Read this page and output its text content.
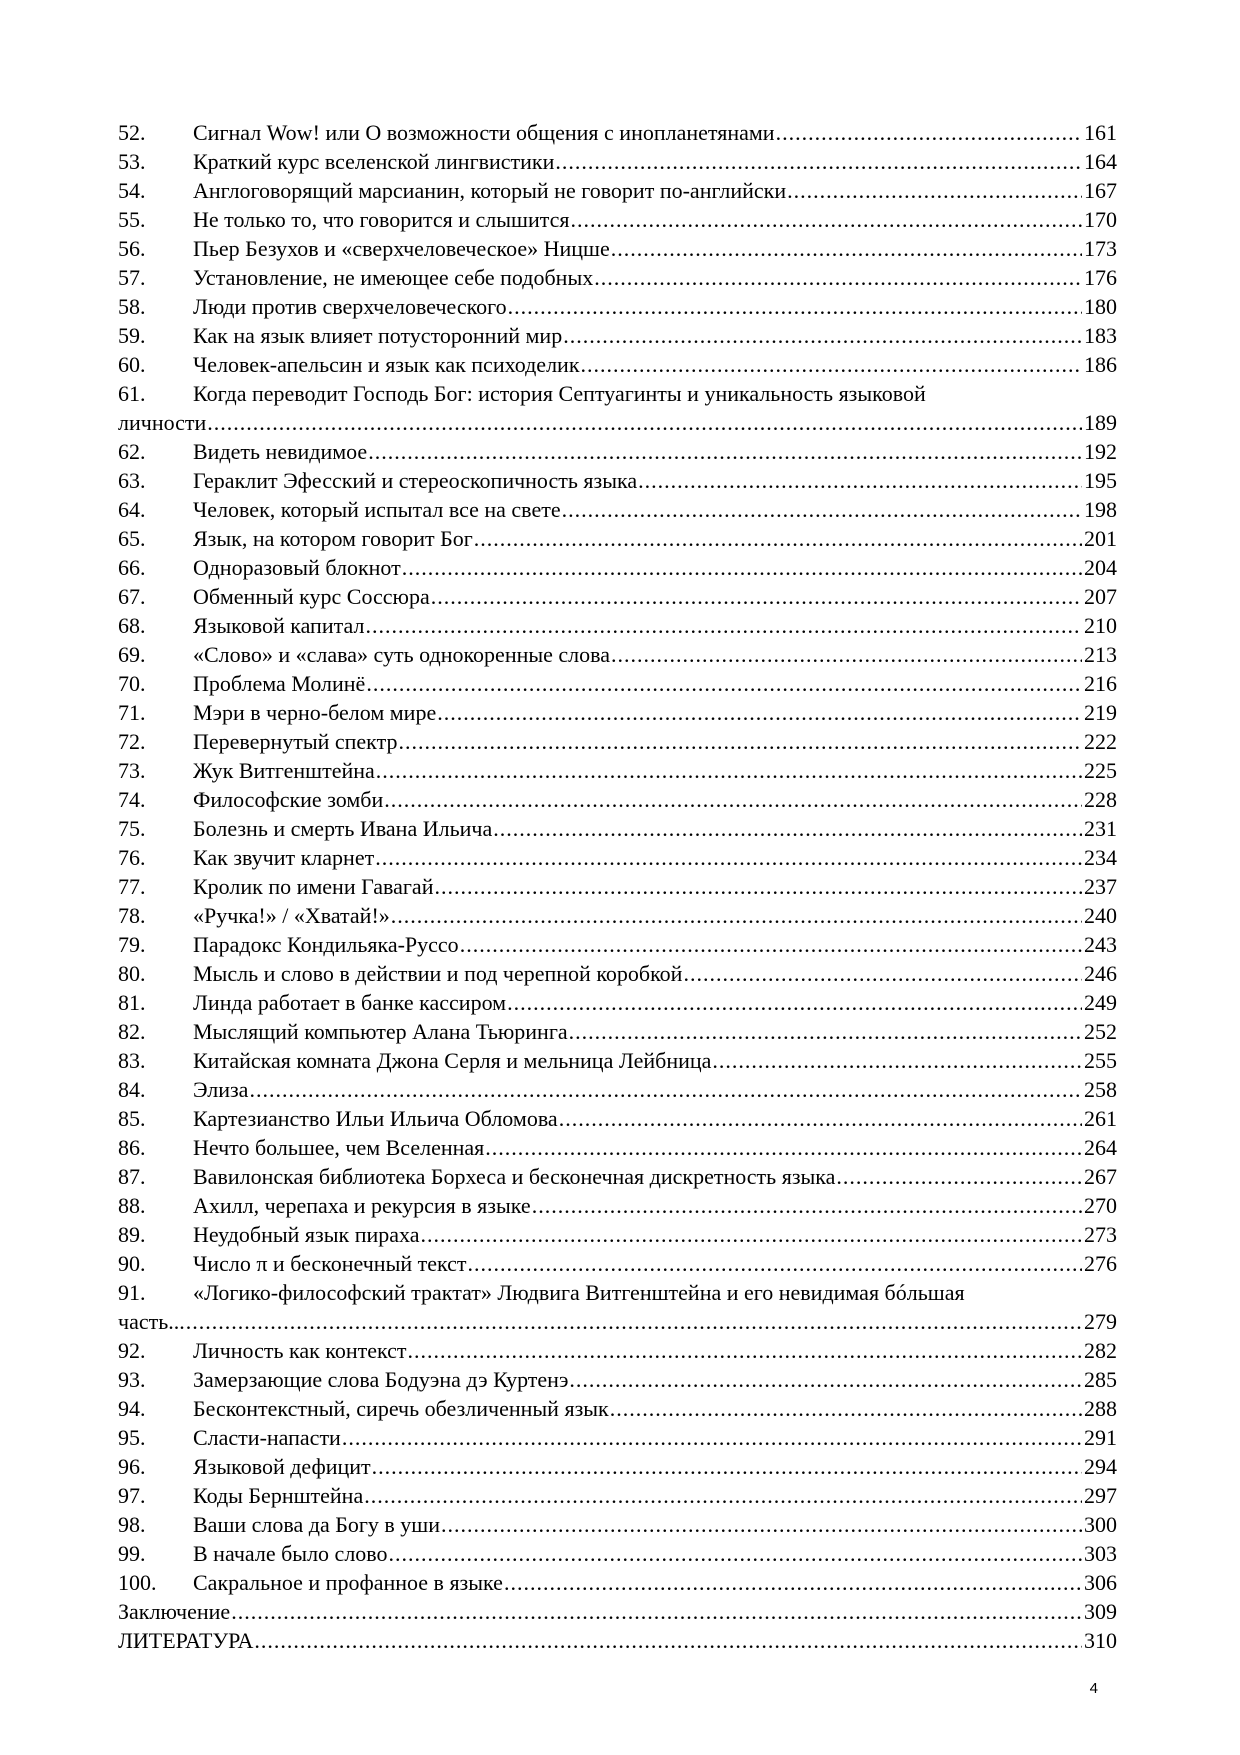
52.	Сигнал Wow! или О возможности общения с инопланетянами .....	161
53.	Краткий курс вселенской лингвистики .....	164
54.	Англоговорящий марсианин, который не говорит по-английски .....	167
55.	Не только то, что говорится и слышится .....	170
56.	Пьер Безухов и «сверхчеловеческое» Ницше .....	173
57.	Установление, не имеющее себе подобных .....	176
58.	Люди против сверхчеловеческого .....	180
59.	Как на язык влияет потусторонний мир .....	183
60.	Человек-апельсин и язык как психоделик .....	186
61.	Когда переводит Господь Бог: история Септуагинты и уникальность языковой
личности .....	189
62.	Видеть невидимое .....	192
63.	Гераклит Эфесский и стереоскопичность языка .....	195
64.	Человек, который испытал все на свете .....	198
65.	Язык, на котором говорит Бог .....	201
66.	Одноразовый блокнот .....	204
67.	Обменный курс Соссюра .....	207
68.	Языковой капитал .....	210
69.	«Слово» и «слава» суть однокоренные слова .....	213
70.	Проблема Молинё .....	216
71.	Мэри в черно-белом мире .....	219
72.	Перевернутый спектр .....	222
73.	Жук Витгенштейна .....	225
74.	Философские зомби .....	228
75.	Болезнь и смерть Ивана Ильича .....	231
76.	Как звучит кларнет .....	234
77.	Кролик по имени Гавагай .....	237
78.	«Ручка!» / «Хватай!» .....	240
79.	Парадокс Кондильяка-Руссо .....	243
80.	Мысль и слово в действии и под черепной коробкой .....	246
81.	Линда работает в банке кассиром .....	249
82.	Мыслящий компьютер Алана Тьюринга .....	252
83.	Китайская комната Джона Серля и мельница Лейбница .....	255
84.	Элиза .....	258
85.	Картезианство Ильи Ильича Обломова .....	261
86.	Нечто большее, чем Вселенная .....	264
87.	Вавилонская библиотека Борхеса и бесконечная дискретность языка .....	267
88.	Ахилл, черепаха и рекурсия в языке .....	270
89.	Неудобный язык пираха .....	273
90.	Число π и бесконечный текст .....	276
91.	«Логико-философский трактат» Людвига Витгенштейна и его невидимая бóльшая
часть... .....	279
92.	Личность как контекст .....	282
93.	Замерзающие слова Бодуэна дэ Куртенэ .....	285
94.	Бесконтекстный, сиречь обезличенный язык .....	288
95.	Сласти-напасти .....	291
96.	Языковой дефицит .....	294
97.	Коды Бернштейна .....	297
98.	Ваши слова да Богу в уши .....	300
99.	В начале было слово .....	303
100.	Сакральное и профанное в языке .....	306
Заключение .....	309
ЛИТЕРАТУРА .....	310
4
